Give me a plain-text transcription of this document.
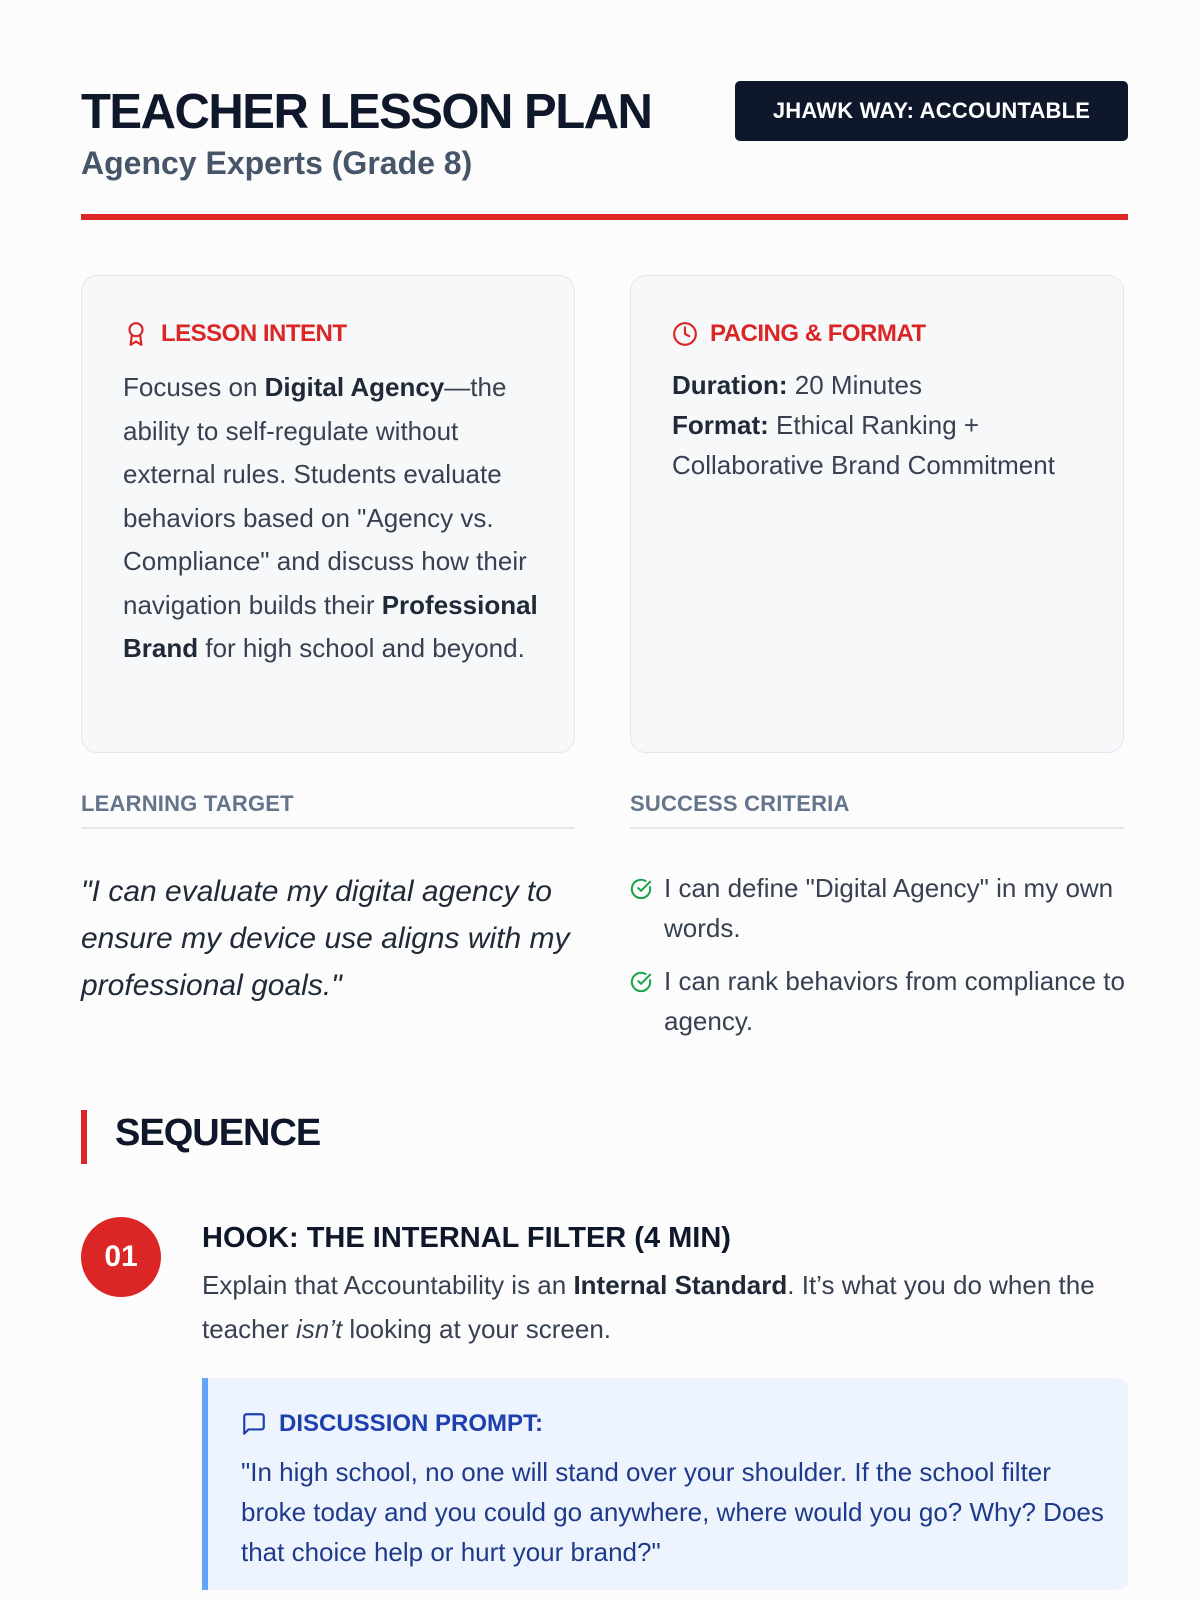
TEACHER LESSON PLAN
Agency Experts (Grade 8)
JHAWK WAY: ACCOUNTABLE
LESSON INTENT

Focuses on Digital Agency—the ability to self-regulate without external rules. Students evaluate behaviors based on "Agency vs. Compliance" and discuss how their navigation builds their Professional Brand for high school and beyond.

PACING & FORMAT
Duration: 20 Minutes
Format: Ethical Ranking + Collaborative Brand Commitment
LEARNING TARGET

"I can evaluate my digital agency to ensure my device use aligns with my professional goals."

SUCCESS CRITERIA
I can define "Digital Agency" in my own words.
I can rank behaviors from compliance to agency.
SEQUENCE
01
HOOK: THE INTERNAL FILTER (4 MIN)

Explain that Accountability is an Internal Standard. It’s what you do when the teacher isn’t looking at your screen.

DISCUSSION PROMPT:

"In high school, no one will stand over your shoulder. If the school filter broke today and you could go anywhere, where would you go? Why? Does that choice help or hurt your brand?"
